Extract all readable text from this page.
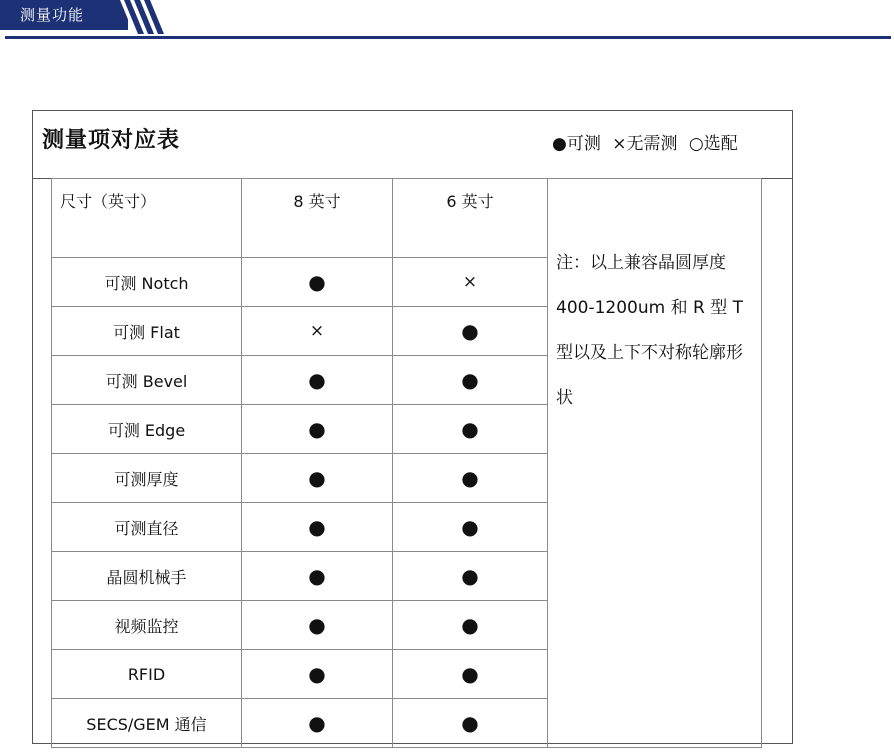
测量功能
测量项对应表	●可测 ×无需测 ○选配
尺寸（英寸）	8 英寸	6 英寸	注：以上兼容晶圆厚度 400-1200um 和 R 型 T 型以及上下不对称轮廓形状
可测 Notch	●	×	
可测 Flat	×	●	
可测 Bevel	●	●	
可测 Edge	●	●	
可测厚度	●	●	
可测直径	●	●	
晶圆机械手	●	●	
视频监控	●	●	
RFID	●	●	
SECS/GEM 通信	●	●	
